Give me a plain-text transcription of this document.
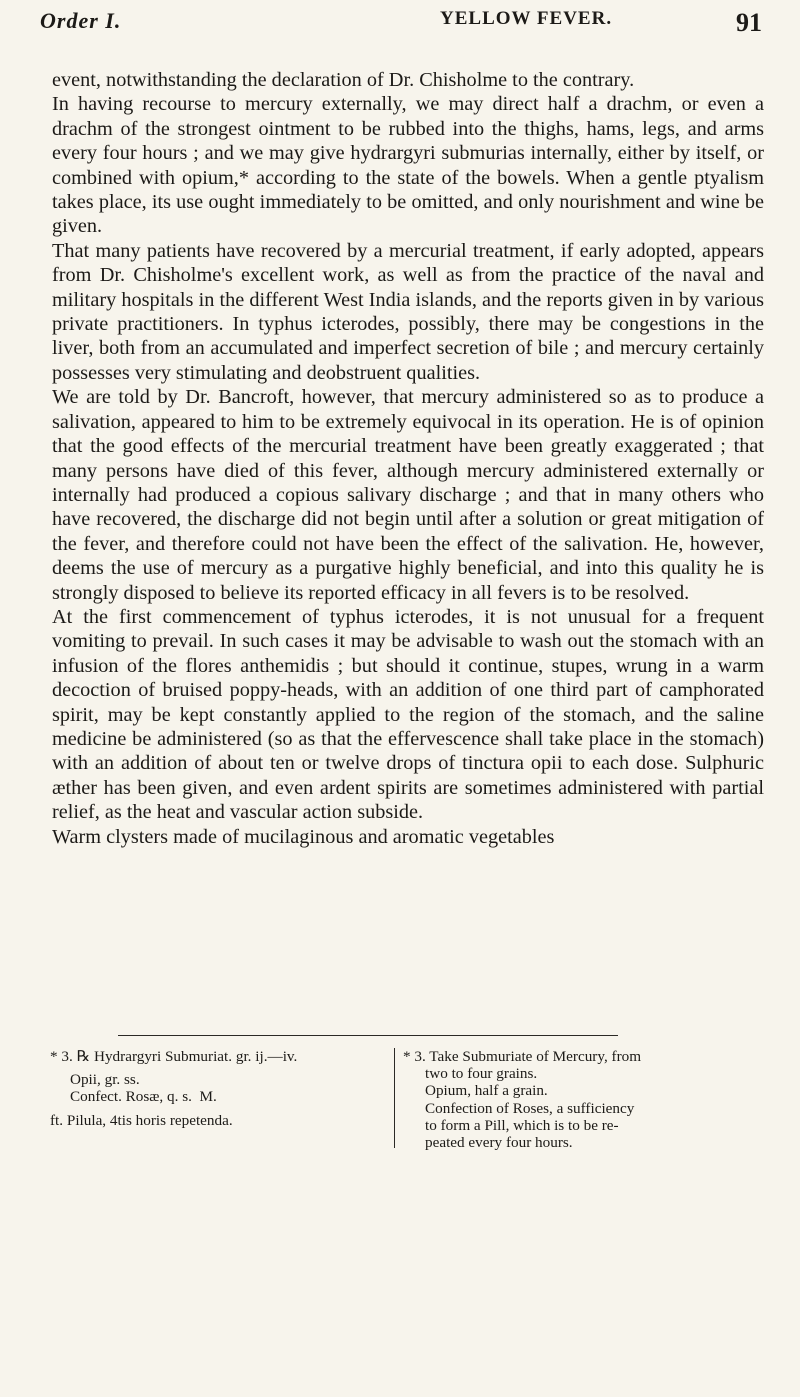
Order I.	YELLOW FEVER.	91

event, notwithstanding the declaration of Dr. Chisholme to the contrary.

In having recourse to mercury externally, we may direct half a drachm, or even a drachm of the strongest ointment to be rubbed into the thighs, hams, legs, and arms every four hours ; and we may give hydrargyri submurias internally, either by itself, or combined with opium,* according to the state of the bowels. When a gentle ptyalism takes place, its use ought immediately to be omitted, and only nourishment and wine be given.

That many patients have recovered by a mercurial treatment, if early adopted, appears from Dr. Chisholme's excellent work, as well as from the practice of the naval and military hospitals in the different West India islands, and the reports given in by various private practitioners. In typhus icterodes, possibly, there may be congestions in the liver, both from an accumulated and imperfect secretion of bile ; and mercury certainly possesses very stimulating and deobstruent qualities.

We are told by Dr. Bancroft, however, that mercury administered so as to produce a salivation, appeared to him to be extremely equivocal in its operation. He is of opinion that the good effects of the mercurial treatment have been greatly exaggerated ; that many persons have died of this fever, although mercury administered externally or internally had produced a copious salivary discharge ; and that in many others who have recovered, the discharge did not begin until after a solution or great mitigation of the fever, and therefore could not have been the effect of the salivation. He, however, deems the use of mercury as a purgative highly beneficial, and into this quality he is strongly disposed to believe its reported efficacy in all fevers is to be resolved.

At the first commencement of typhus icterodes, it is not unusual for a frequent vomiting to prevail. In such cases it may be advisable to wash out the stomach with an infusion of the flores anthemidis ; but should it continue, stupes, wrung in a warm decoction of bruised poppy-heads, with an addition of one third part of camphorated spirit, may be kept constantly applied to the region of the stomach, and the saline medicine be administered (so as that the effervescence shall take place in the stomach) with an addition of about ten or twelve drops of tinctura opii to each dose. Sulphuric æther has been given, and even ardent spirits are sometimes administered with partial relief, as the heat and vascular action subside.

Warm clysters made of mucilaginous and aromatic vegetables

* 3. ℞ Hydrargyri Submuriat. gr. ij.—iv.
Opii, gr. ss.
Confect. Rosæ, q. s.  M.
ft. Pilula, 4tis horis repetenda.
* 3. Take Submuriate of Mercury, from
two to four grains.
Opium, half a grain.
Confection of Roses, a sufficiency
to form a Pill, which is to be re-
peated every four hours.
